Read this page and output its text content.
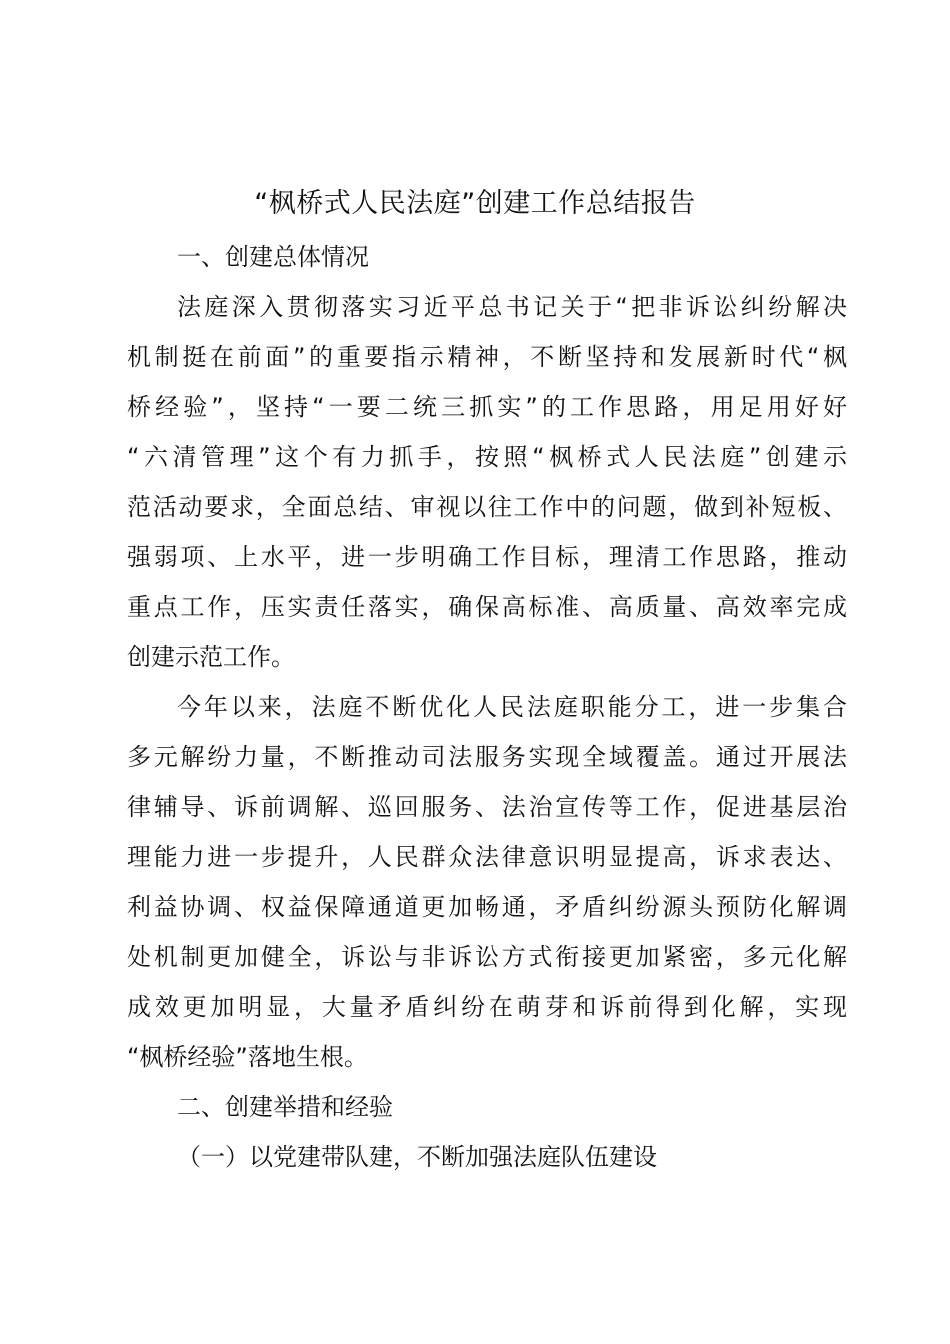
“枫桥式人民法庭”创建工作总结报告
一、创建总体情况
法庭深入贯彻落实习近平总书记关于“把非诉讼纠纷解决
机制挺在前面”的重要指示精神，不断坚持和发展新时代“枫
桥经验”，坚持“一要二统三抓实”的工作思路，用足用好好
“六清管理”这个有力抓手，按照“枫桥式人民法庭”创建示
范活动要求，全面总结、审视以往工作中的问题，做到补短板、
强弱项、上水平，进一步明确工作目标，理清工作思路，推动
重点工作，压实责任落实，确保高标准、高质量、高效率完成
创建示范工作。
今年以来，法庭不断优化人民法庭职能分工，进一步集合
多元解纷力量，不断推动司法服务实现全域覆盖。通过开展法
律辅导、诉前调解、巡回服务、法治宣传等工作，促进基层治
理能力进一步提升，人民群众法律意识明显提高，诉求表达、
利益协调、权益保障通道更加畅通，矛盾纠纷源头预防化解调
处机制更加健全，诉讼与非诉讼方式衔接更加紧密，多元化解
成效更加明显，大量矛盾纠纷在萌芽和诉前得到化解，实现
“枫桥经验”落地生根。
二、创建举措和经验
（一）以党建带队建，不断加强法庭队伍建设
